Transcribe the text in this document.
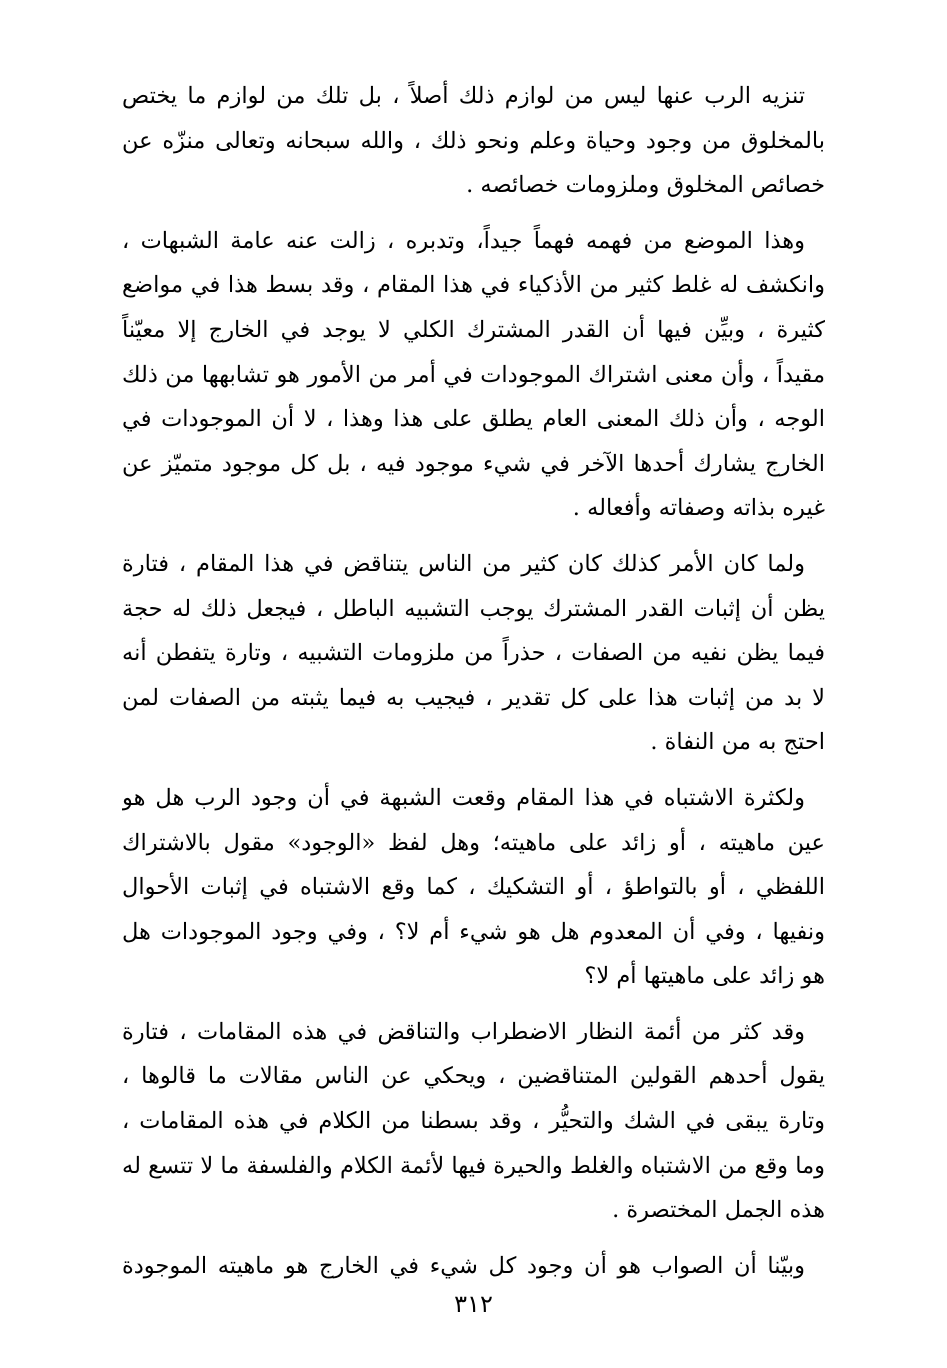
تنزيه الرب عنها ليس من لوازم ذلك أصلاً ، بل تلك من لوازم ما يختص
بالمخلوق من وجود وحياة وعلم ونحو ذلك ، والله سبحانه وتعالى منزّه عن
خصائص المخلوق وملزومات خصائصه .
وهذا الموضع من فهمه فهماً جيداً، وتدبره ، زالت عنه عامة الشبهات ،
وانكشف له غلط كثير من الأذكياء في هذا المقام ، وقد بسط هذا في مواضع
كثيرة ، وبيِّن فيها أن القدر المشترك الكلي لا يوجد في الخارج إلا معيّناً
مقيداً ، وأن معنى اشتراك الموجودات في أمر من الأمور هو تشابهها من ذلك
الوجه ، وأن ذلك المعنى العام يطلق على هذا وهذا ، لا أن الموجودات في
الخارج يشارك أحدها الآخر في شيء موجود فيه ، بل كل موجود متميّز عن
غيره بذاته وصفاته وأفعاله .
ولما كان الأمر كذلك كان كثير من الناس يتناقض في هذا المقام ، فتارة
يظن أن إثبات القدر المشترك يوجب التشبيه الباطل ، فيجعل ذلك له حجة
فيما يظن نفيه من الصفات ، حذراً من ملزومات التشبيه ، وتارة يتفطن أنه
لا بد من إثبات هذا على كل تقدير ، فيجيب به فيما يثبته من الصفات لمن
احتج به من النفاة .
ولكثرة الاشتباه في هذا المقام وقعت الشبهة في أن وجود الرب هل هو
عين ماهيته ، أو زائد على ماهيته؛ وهل لفظ «الوجود» مقول بالاشتراك
اللفظي ، أو بالتواطؤ ، أو التشكيك ، كما وقع الاشتباه في إثبات الأحوال
ونفيها ، وفي أن المعدوم هل هو شيء أم لا؟ ، وفي وجود الموجودات هل
هو زائد على ماهيتها أم لا؟
وقد كثر من أئمة النظار الاضطراب والتناقض في هذه المقامات ، فتارة
يقول أحدهم القولين المتناقضين ، ويحكي عن الناس مقالات ما قالوها ،
وتارة يبقى في الشك والتحيُّر ، وقد بسطنا من الكلام في هذه المقامات ،
وما وقع من الاشتباه والغلط والحيرة فيها لأئمة الكلام والفلسفة ما لا تتسع له
هذه الجمل المختصرة .
وبيّنا أن الصواب هو أن وجود كل شيء في الخارج هو ماهيته الموجودة
٣١٢
